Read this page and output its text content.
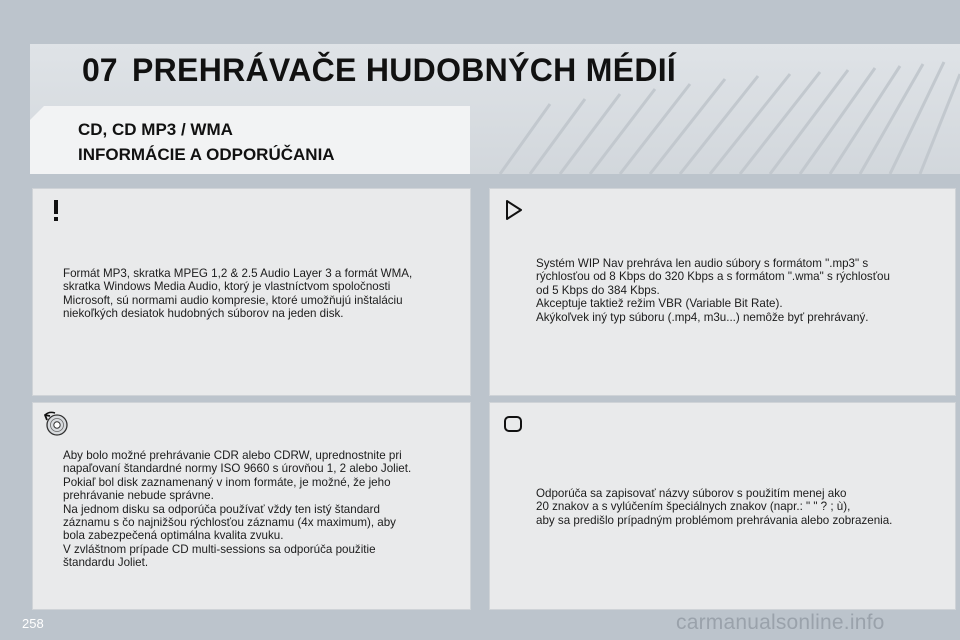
07 PREHRÁVAČE HUDOBNÝCH MÉDIÍ
CD, CD MP3 / WMA
INFORMÁCIE A ODPORÚČANIA
Formát MP3, skratka MPEG 1,2 & 2.5 Audio Layer 3 a formát WMA,
skratka Windows Media Audio, ktorý je vlastníctvom spoločnosti
Microsoft, sú normami audio kompresie, ktoré umožňujú inštaláciu
niekoľkých desiatok hudobných súborov na jeden disk.
Systém WIP Nav prehráva len audio súbory s formátom ".mp3" s
rýchlosťou od 8 Kbps do 320 Kbps a s formátom ".wma" s rýchlosťou
od 5 Kbps do 384 Kbps.
Akceptuje taktiež režim VBR (Variable Bit Rate).
Akýkoľvek iný typ súboru (.mp4, m3u...) nemôže byť prehrávaný.
Aby bolo možné prehrávanie CDR alebo CDRW, uprednostnite pri
napaľovaní štandardné normy ISO 9660 s úrovňou 1, 2 alebo Joliet.
Pokiaľ bol disk zaznamenaný v inom formáte, je možné, že jeho
prehrávanie nebude správne.
Na jednom disku sa odporúča používať vždy ten istý štandard
záznamu s čo najnižšou rýchlosťou záznamu (4x maximum), aby
bola zabezpečená optimálna kvalita zvuku.
V zvláštnom prípade CD multi-sessions sa odporúča použitie
štandardu Joliet.
Odporúča sa zapisovať názvy súborov s použitím menej ako
20 znakov a s vylúčením špeciálnych znakov (napr.: " " ? ; ù),
aby sa predišlo prípadným problémom prehrávania alebo zobrazenia.
258	carmanualsonline.info
